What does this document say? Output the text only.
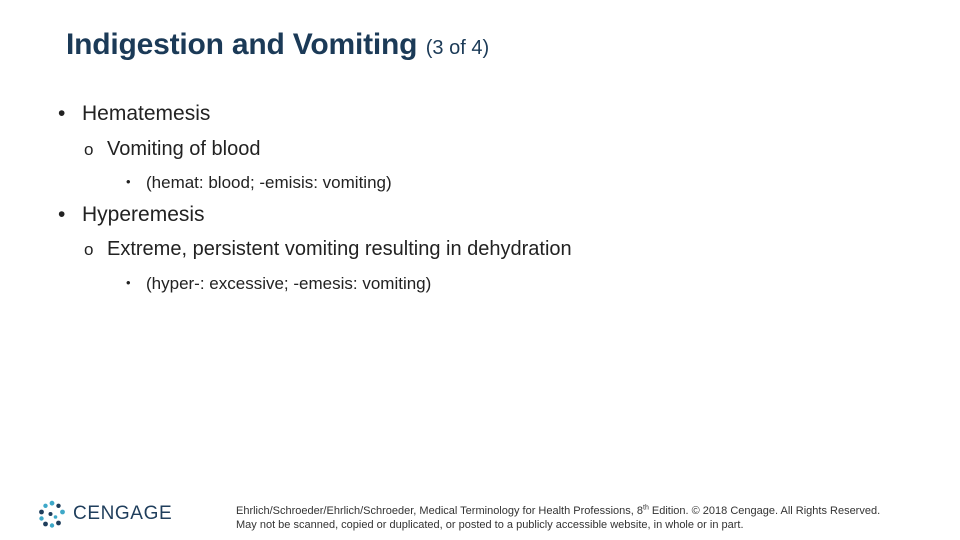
Indigestion and Vomiting (3 of 4)
• Hematemesis
o Vomiting of blood
• (hemat: blood; -emisis: vomiting)
• Hyperemesis
o Extreme, persistent vomiting resulting in dehydration
• (hyper-: excessive; -emesis: vomiting)
CENGAGE	Ehrlich/Schroeder/Ehrlich/Schroeder, Medical Terminology for Health Professions, 8th Edition. © 2018 Cengage. All Rights Reserved.
May not be scanned, copied or duplicated, or posted to a publicly accessible website, in whole or in part.
